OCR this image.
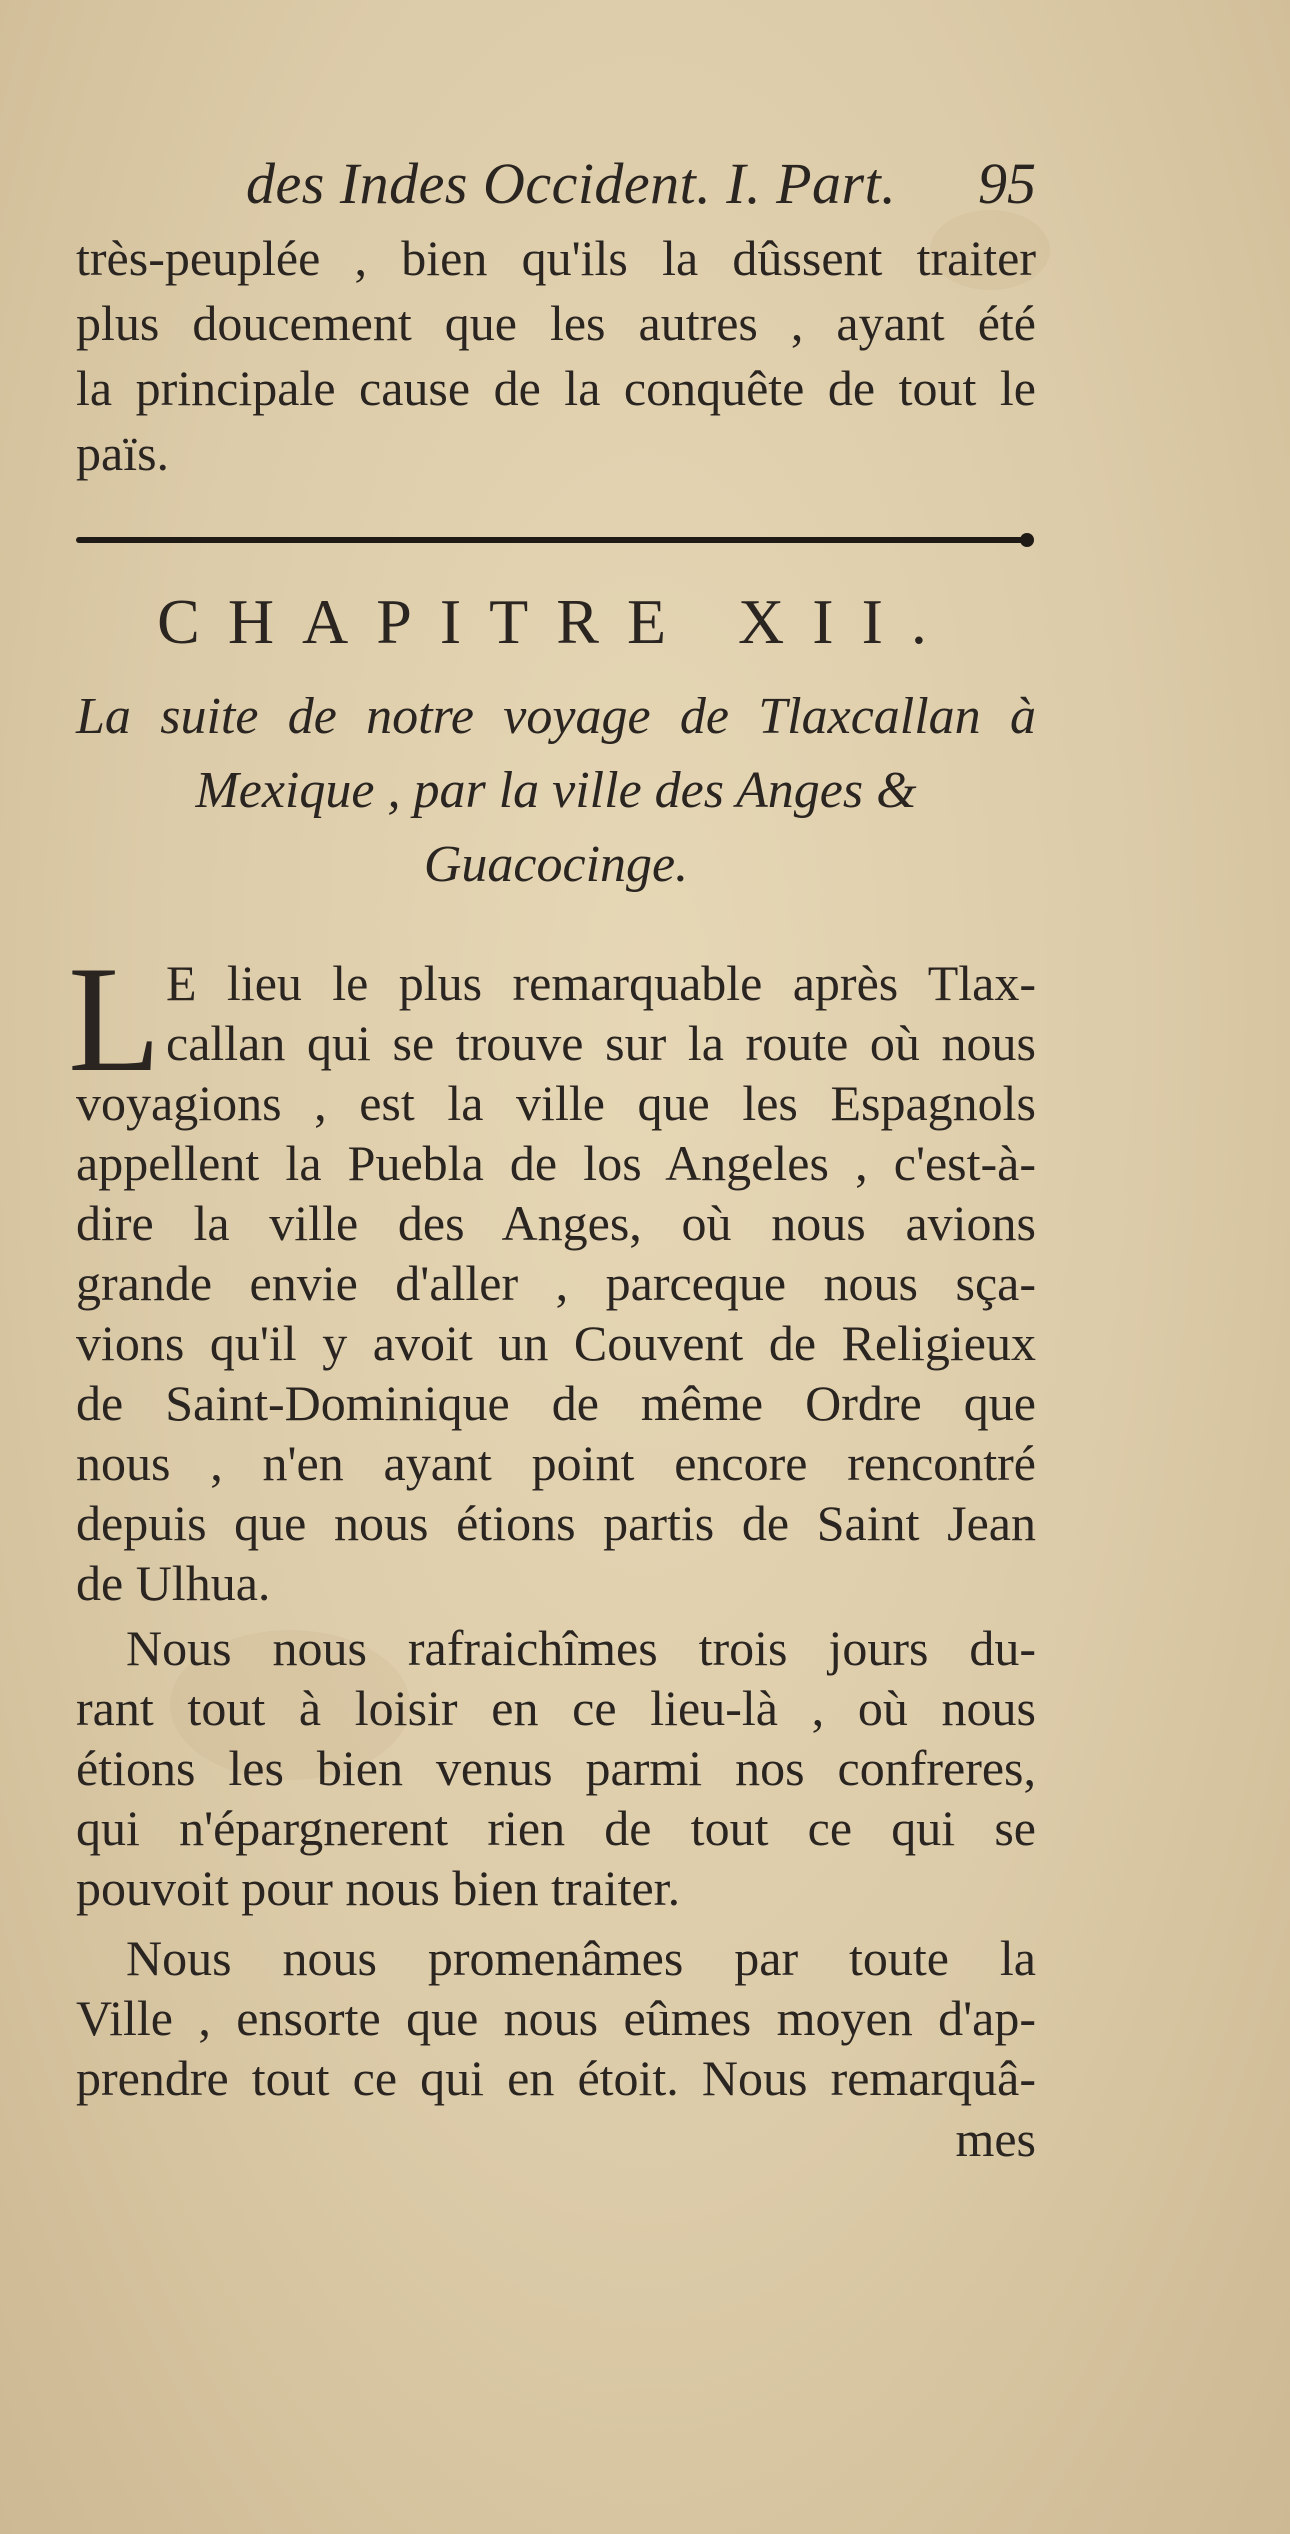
des Indes Occident. I. Part. 95
très-peuplée , bien qu'ils la dûssent traiter
plus doucement que les autres , ayant été
la principale cause de la conquête de tout le
païs.
CHAPITRE XII.
La suite de notre voyage de Tlaxcallan à
Mexique , par la ville des Anges &
Guacocinge.
L E lieu le plus remarquable après Tlax-
callan qui se trouve sur la route où nous
voyagions , est la ville que les Espagnols
appellent la Puebla de los Angeles , c'est-à-
dire la ville des Anges, où nous avions
grande envie d'aller , parceque nous sça-
vions qu'il y avoit un Couvent de Religieux
de Saint-Dominique de même Ordre que
nous , n'en ayant point encore rencontré
depuis que nous étions partis de Saint Jean
de Ulhua.
Nous nous rafraichîmes trois jours du-
rant tout à loisir en ce lieu-là , où nous
étions les bien venus parmi nos confreres,
qui n'épargnerent rien de tout ce qui se
pouvoit pour nous bien traiter.
Nous nous promenâmes par toute la
Ville , ensorte que nous eûmes moyen d'ap-
prendre tout ce qui en étoit. Nous remarquâ-
mes
